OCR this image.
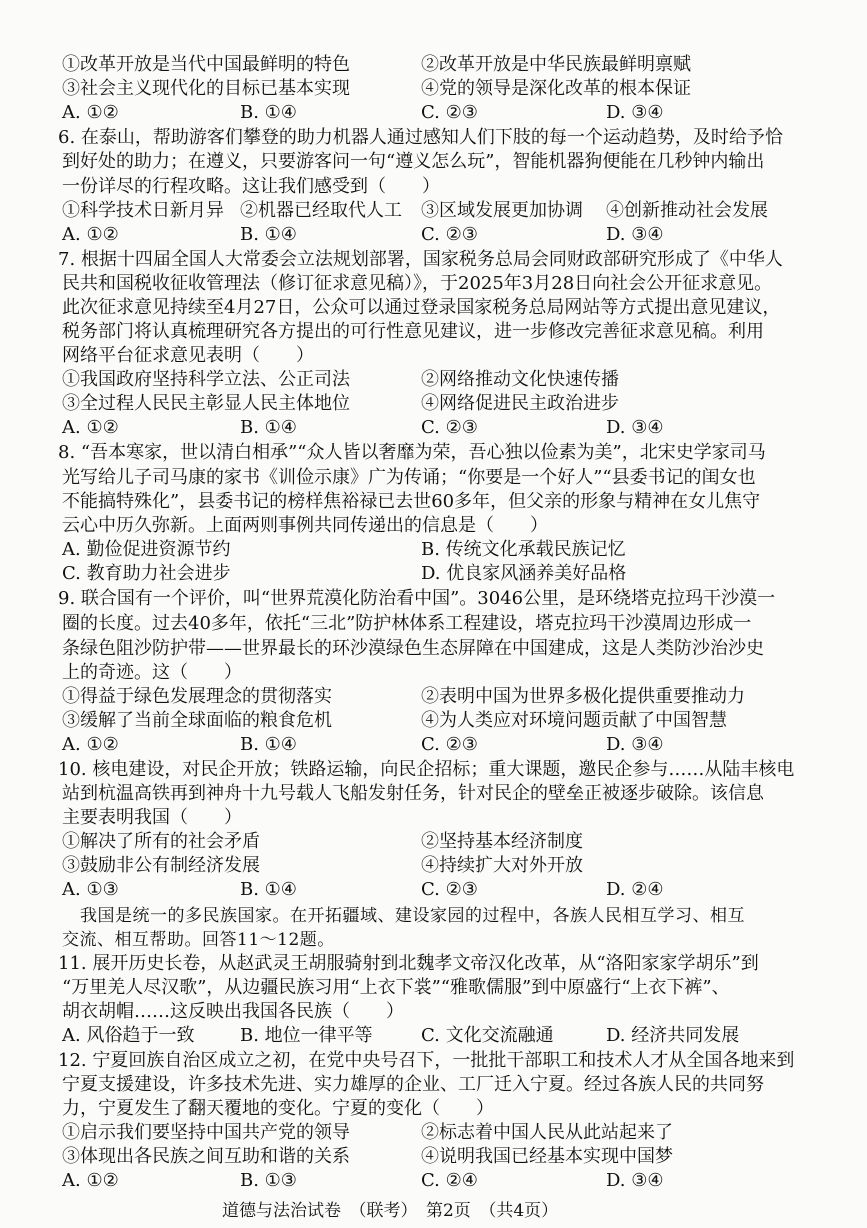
①改革开放是当代中国最鲜明的特色	②改革开放是中华民族最鲜明禀赋
③社会主义现代化的目标已基本实现	④党的领导是深化改革的根本保证
A. ①②	B. ①④	C. ②③	D. ③④
6. 在泰山，帮助游客们攀登的助力机器人通过感知人们下肢的每一个运动趋势，及时给予恰
到好处的助力；在遵义，只要游客问一句“遵义怎么玩”，智能机器狗便能在几秒钟内输出
一份详尽的行程攻略。这让我们感受到（　　）
①科学技术日新月异 ②机器已经取代人工 ③区域发展更加协调 ④创新推动社会发展
A. ①②	B. ①④	C. ②③	D. ③④
7. 根据十四届全国人大常委会立法规划部署，国家税务总局会同财政部研究形成了《中华人
民共和国税收征收管理法（修订征求意见稿）》，于2025年3月28日向社会公开征求意见。
此次征求意见持续至4月27日，公众可以通过登录国家税务总局网站等方式提出意见建议，
税务部门将认真梳理研究各方提出的可行性意见建议，进一步修改完善征求意见稿。利用
网络平台征求意见表明（　　）
①我国政府坚持科学立法、公正司法	②网络推动文化快速传播
③全过程人民民主彰显人民主体地位	④网络促进民主政治进步
A. ①②	B. ①④	C. ②③	D. ③④
8. “吾本寒家，世以清白相承”“众人皆以奢靡为荣，吾心独以俭素为美”，北宋史学家司马
光写给儿子司马康的家书《训俭示康》广为传诵；“你要是一个好人”“县委书记的闺女也
不能搞特殊化”，县委书记的榜样焦裕禄已去世60多年，但父亲的形象与精神在女儿焦守
云心中历久弥新。上面两则事例共同传递出的信息是（　　）
A. 勤俭促进资源节约	B. 传统文化承载民族记忆
C. 教育助力社会进步	D. 优良家风涵养美好品格
9. 联合国有一个评价，叫“世界荒漠化防治看中国”。3046公里，是环绕塔克拉玛干沙漠一
圈的长度。过去40多年，依托“三北”防护林体系工程建设，塔克拉玛干沙漠周边形成一
条绿色阻沙防护带——世界最长的环沙漠绿色生态屏障在中国建成，这是人类防沙治沙史
上的奇迹。这（　　）
①得益于绿色发展理念的贯彻落实	②表明中国为世界多极化提供重要推动力
③缓解了当前全球面临的粮食危机	④为人类应对环境问题贡献了中国智慧
A. ①②	B. ①④	C. ②③	D. ③④
10. 核电建设，对民企开放；铁路运输，向民企招标；重大课题，邀民企参与……从陆丰核电
站到杭温高铁再到神舟十九号载人飞船发射任务，针对民企的壁垒正被逐步破除。该信息
主要表明我国（　　）
①解决了所有的社会矛盾	②坚持基本经济制度
③鼓励非公有制经济发展	④持续扩大对外开放
A. ①③	B. ①④	C. ②③	D. ②④
我国是统一的多民族国家。在开拓疆域、建设家园的过程中，各族人民相互学习、相互
交流、相互帮助。回答11～12题。
11. 展开历史长卷，从赵武灵王胡服骑射到北魏孝文帝汉化改革，从“洛阳家家学胡乐”到
“万里羌人尽汉歌”，从边疆民族习用“上衣下裳”“雅歌儒服”到中原盛行“上衣下裤”、
胡衣胡帽……这反映出我国各民族（　　）
A. 风俗趋于一致	B. 地位一律平等	C. 文化交流融通	D. 经济共同发展
12. 宁夏回族自治区成立之初，在党中央号召下，一批批干部职工和技术人才从全国各地来到
宁夏支援建设，许多技术先进、实力雄厚的企业、工厂迁入宁夏。经过各族人民的共同努
力，宁夏发生了翻天覆地的变化。宁夏的变化（　　）
①启示我们要坚持中国共产党的领导	②标志着中国人民从此站起来了
③体现出各民族之间互助和谐的关系	④说明我国已经基本实现中国梦
A. ①②	B. ①③	C. ②④	D. ③④
道德与法治试卷　（联考）　第2页　（共4页）
